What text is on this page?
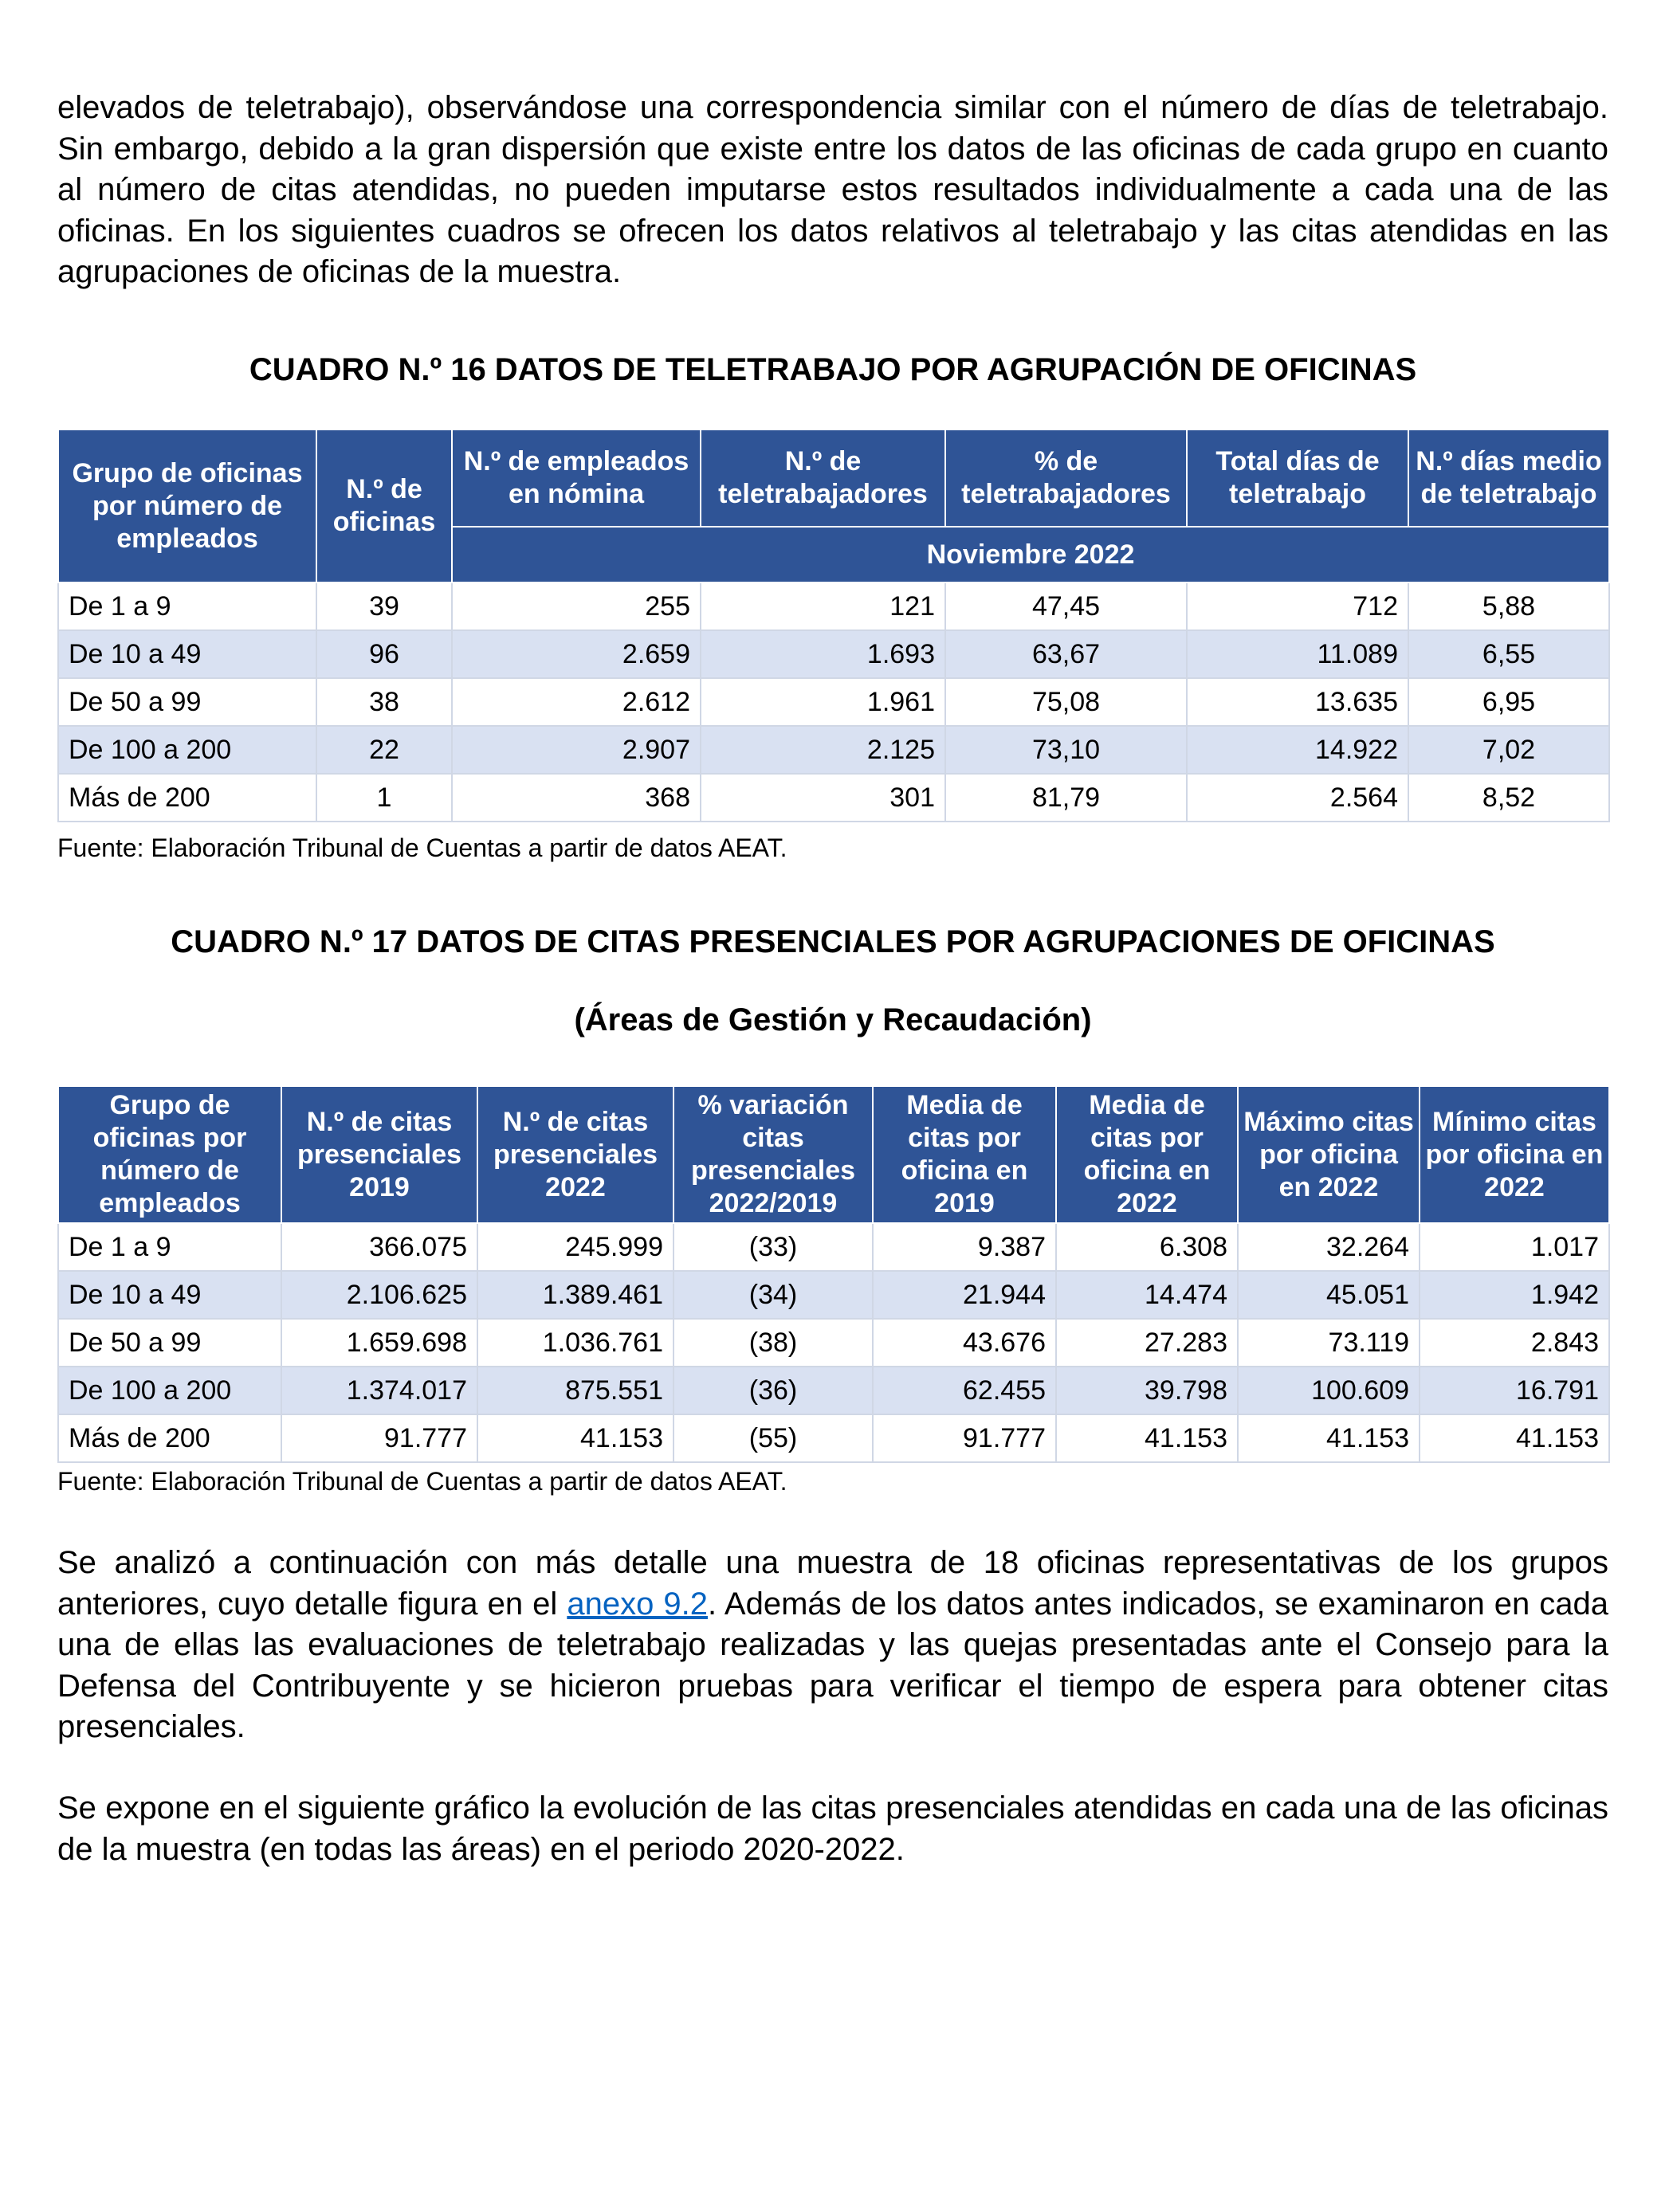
elevados de teletrabajo), observándose una correspondencia similar con el número de días de teletrabajo. Sin embargo, debido a la gran dispersión que existe entre los datos de las oficinas de cada grupo en cuanto al número de citas atendidas, no pueden imputarse estos resultados individualmente a cada una de las oficinas. En los siguientes cuadros se ofrecen los datos relativos al teletrabajo y las citas atendidas en las agrupaciones de oficinas de la muestra.

CUADRO N.º 16 DATOS DE TELETRABAJO POR AGRUPACIÓN DE OFICINAS
Grupo de oficinas por número de empleados	N.º de oficinas	N.º de empleados en nómina	N.º de teletrabajadores	% de teletrabajadores	Total días de teletrabajo	N.º días medio de teletrabajo
		Noviembre 2022				
De 1 a 9	39	255	121	47,45	712	5,88
De 10 a 49	96	2.659	1.693	63,67	11.089	6,55
De 50 a 99	38	2.612	1.961	75,08	13.635	6,95
De 100 a 200	22	2.907	2.125	73,10	14.922	7,02
Más de 200	1	368	301	81,79	2.564	8,52

Fuente: Elaboración Tribunal de Cuentas a partir de datos AEAT.

CUADRO N.º 17 DATOS DE CITAS PRESENCIALES POR AGRUPACIONES DE OFICINAS
(Áreas de Gestión y Recaudación)
Grupo de oficinas por número de empleados	N.º de citas presenciales 2019	N.º de citas presenciales 2022	% variación citas presenciales 2022/2019	Media de citas por oficina en 2019	Media de citas por oficina en 2022	Máximo citas por oficina en 2022	Mínimo citas por oficina en 2022
De 1 a 9	366.075	245.999	(33)	9.387	6.308	32.264	1.017
De 10 a 49	2.106.625	1.389.461	(34)	21.944	14.474	45.051	1.942
De 50 a 99	1.659.698	1.036.761	(38)	43.676	27.283	73.119	2.843
De 100 a 200	1.374.017	875.551	(36)	62.455	39.798	100.609	16.791
Más de 200	91.777	41.153	(55)	91.777	41.153	41.153	41.153

Fuente: Elaboración Tribunal de Cuentas a partir de datos AEAT.

Se analizó a continuación con más detalle una muestra de 18 oficinas representativas de los grupos anteriores, cuyo detalle figura en el anexo 9.2. Además de los datos antes indicados, se examinaron en cada una de ellas las evaluaciones de teletrabajo realizadas y las quejas presentadas ante el Consejo para la Defensa del Contribuyente y se hicieron pruebas para verificar el tiempo de espera para obtener citas presenciales.

Se expone en el siguiente gráfico la evolución de las citas presenciales atendidas en cada una de las oficinas de la muestra (en todas las áreas) en el periodo 2020-2022.
